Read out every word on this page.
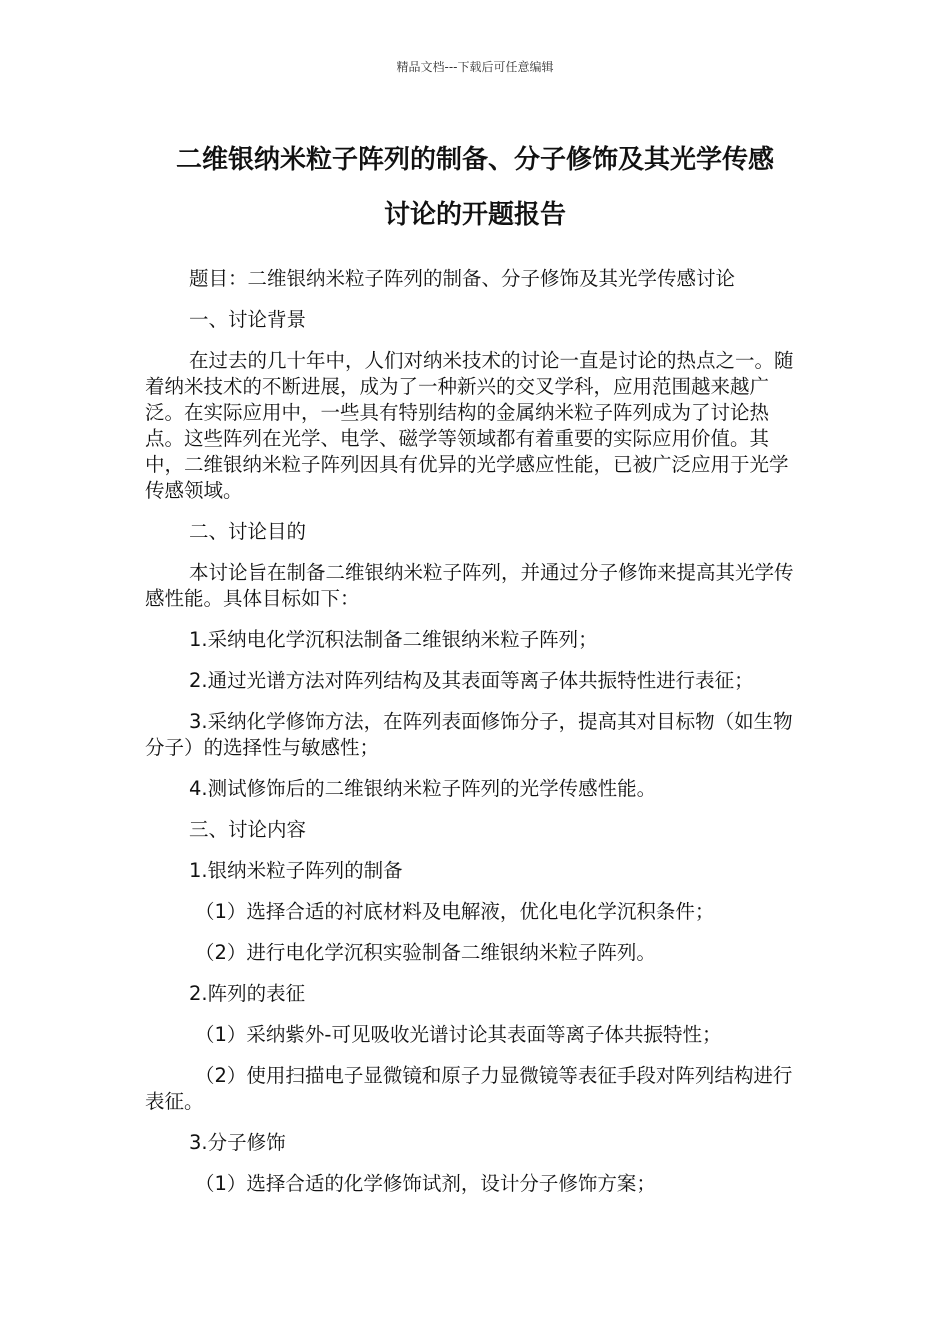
精品文档---下载后可任意编辑
二维银纳米粒子阵列的制备、分子修饰及其光学传感
讨论的开题报告

题目：二维银纳米粒子阵列的制备、分子修饰及其光学传感讨论

一、讨论背景

在过去的几十年中，人们对纳米技术的讨论一直是讨论的热点之一。随着纳米技术的不断进展，成为了一种新兴的交叉学科，应用范围越来越广泛。在实际应用中，一些具有特别结构的金属纳米粒子阵列成为了讨论热点。这些阵列在光学、电学、磁学等领域都有着重要的实际应用价值。其中，二维银纳米粒子阵列因具有优异的光学感应性能，已被广泛应用于光学传感领域。

二、讨论目的

本讨论旨在制备二维银纳米粒子阵列，并通过分子修饰来提高其光学传感性能。具体目标如下：

1.采纳电化学沉积法制备二维银纳米粒子阵列；

2.通过光谱方法对阵列结构及其表面等离子体共振特性进行表征；

3.采纳化学修饰方法，在阵列表面修饰分子，提高其对目标物（如生物分子）的选择性与敏感性；

4.测试修饰后的二维银纳米粒子阵列的光学传感性能。

三、讨论内容

1.银纳米粒子阵列的制备

（1）选择合适的衬底材料及电解液，优化电化学沉积条件；

（2）进行电化学沉积实验制备二维银纳米粒子阵列。

2.阵列的表征

（1）采纳紫外-可见吸收光谱讨论其表面等离子体共振特性；

（2）使用扫描电子显微镜和原子力显微镜等表征手段对阵列结构进行表征。

3.分子修饰

（1）选择合适的化学修饰试剂，设计分子修饰方案；
